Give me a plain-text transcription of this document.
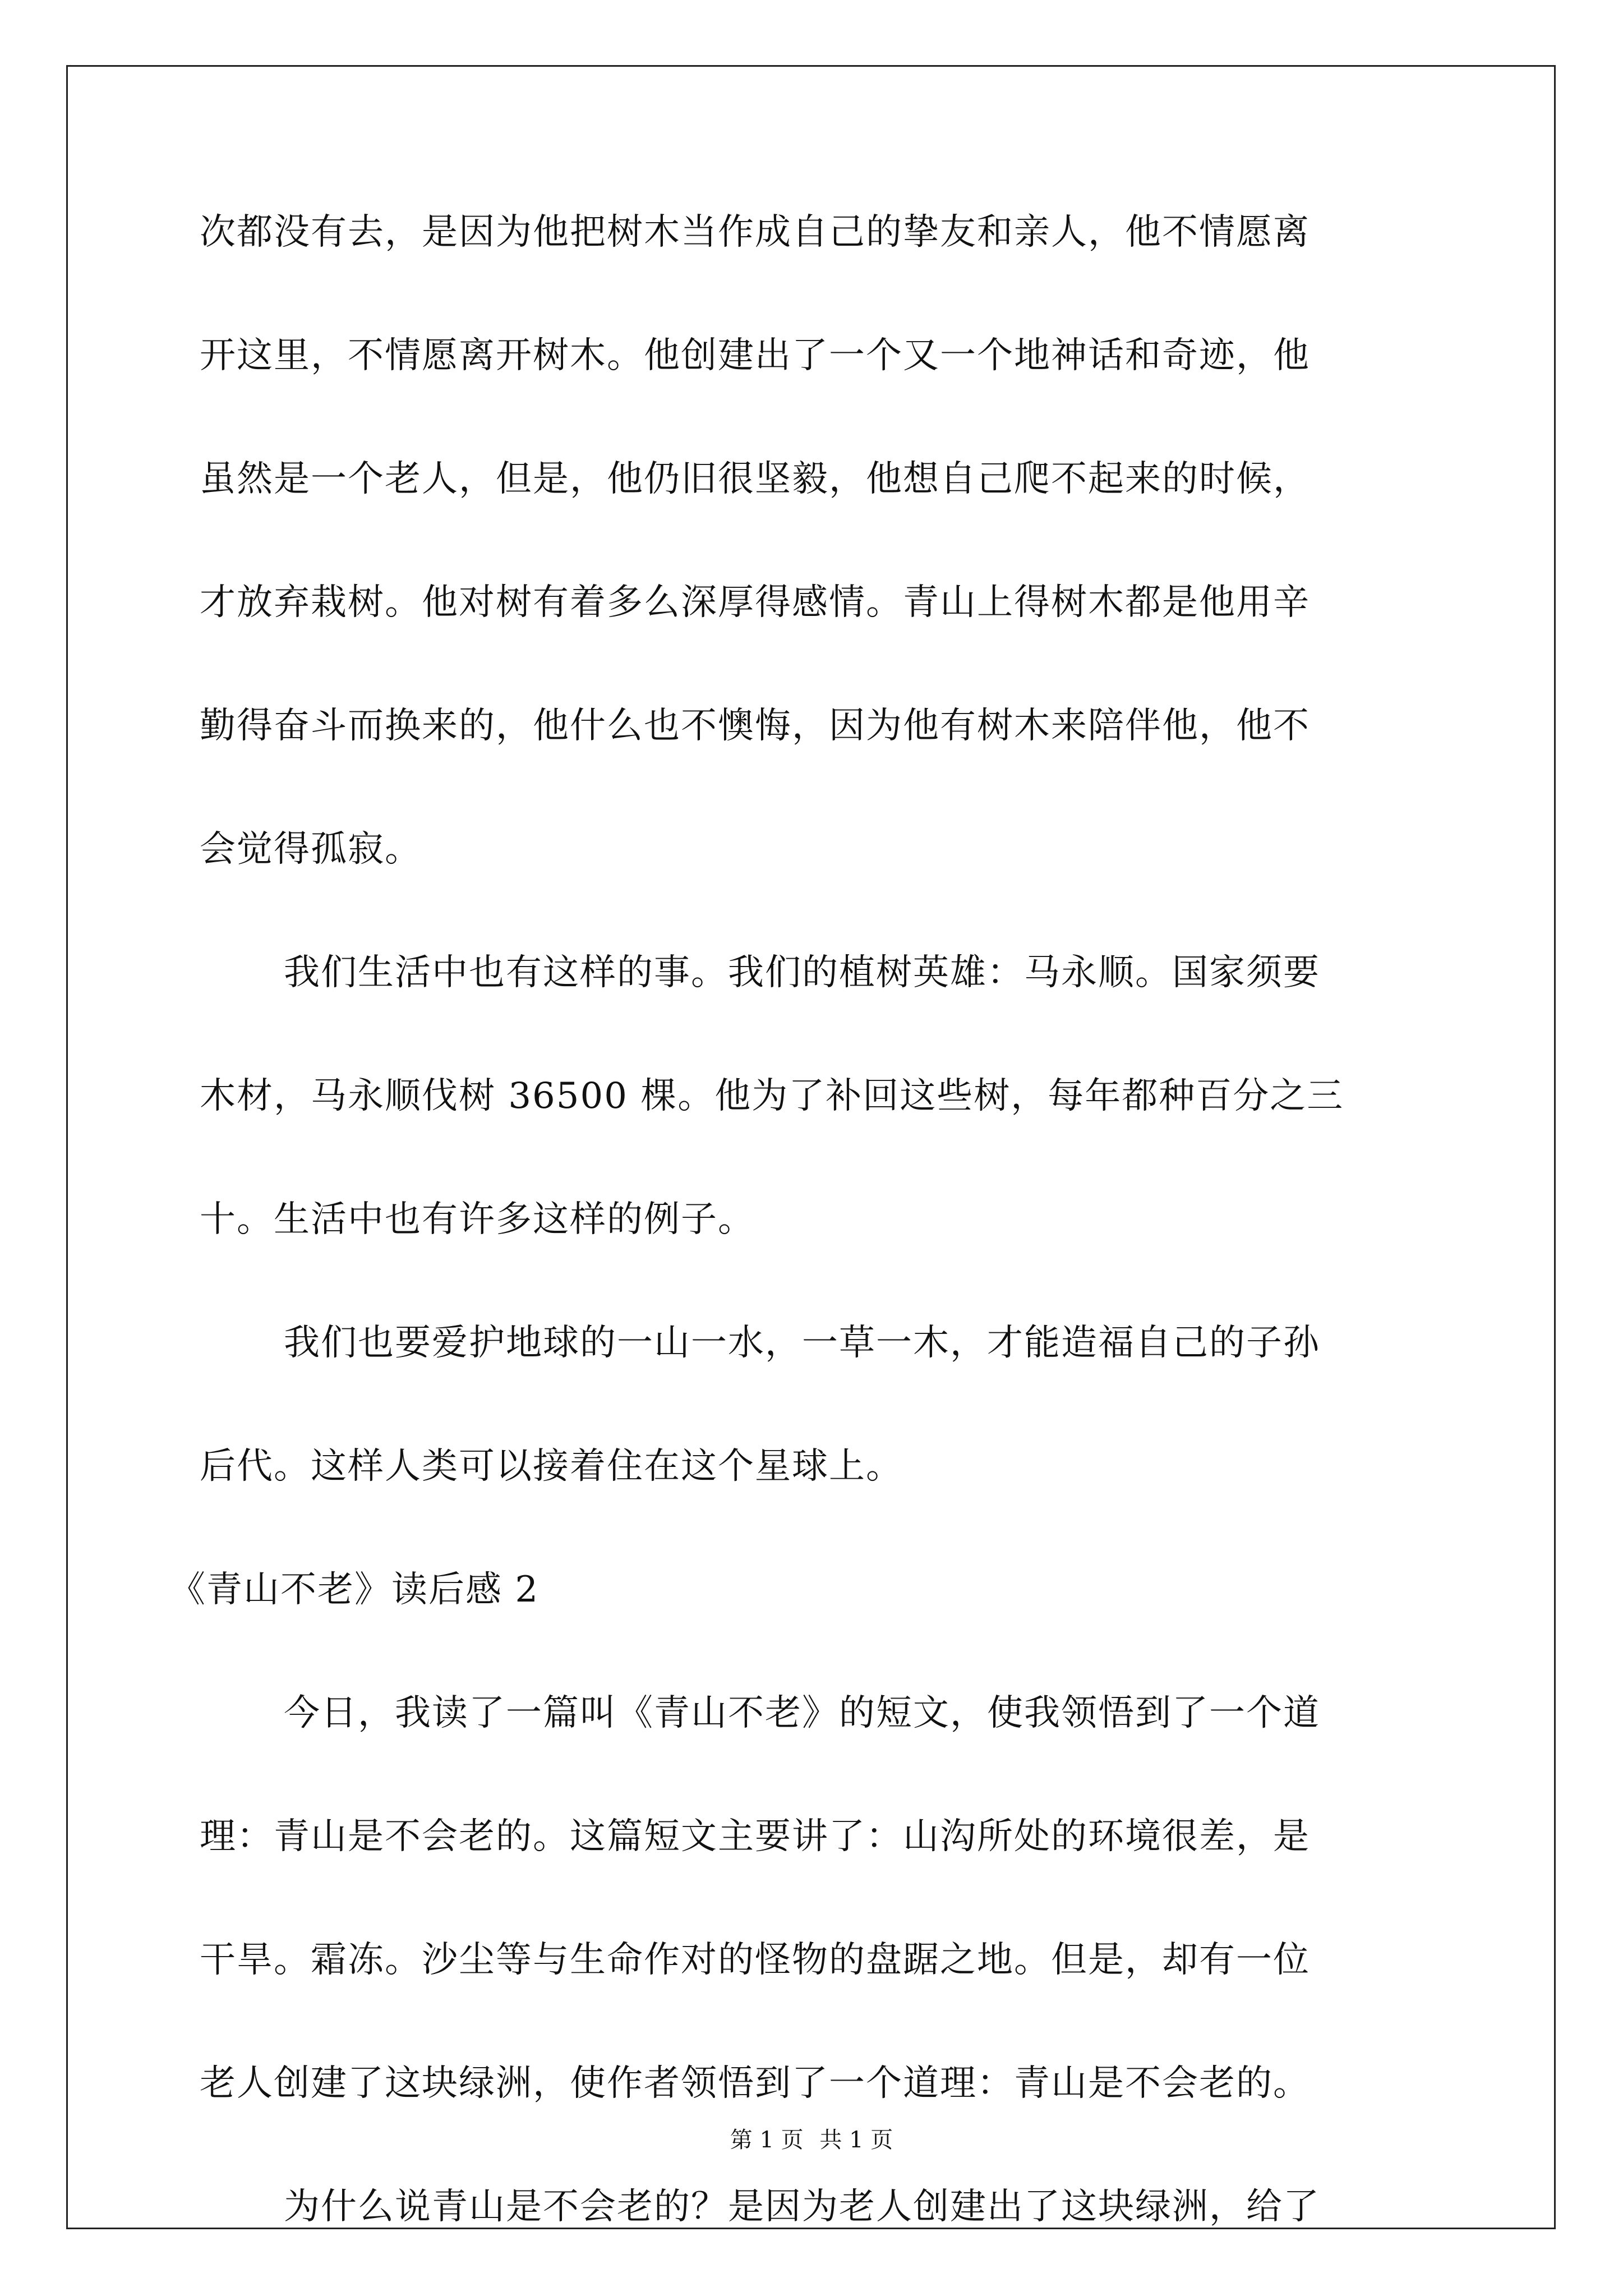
次都没有去，是因为他把树木当作成自己的挚友和亲人，他不情愿离
开这里，不情愿离开树木。他创建出了一个又一个地神话和奇迹，他
虽然是一个老人，但是，他仍旧很坚毅，他想自己爬不起来的时候，
才放弃栽树。他对树有着多么深厚得感情。青山上得树木都是他用辛
勤得奋斗而换来的，他什么也不懊悔，因为他有树木来陪伴他，他不
会觉得孤寂。
我们生活中也有这样的事。我们的植树英雄：马永顺。国家须要
木材，马永顺伐树 36500 棵。他为了补回这些树，每年都种百分之三
十。生活中也有许多这样的例子。
我们也要爱护地球的一山一水，一草一木，才能造福自己的子孙
后代。这样人类可以接着住在这个星球上。
《青山不老》读后感 2
今日，我读了一篇叫《青山不老》的短文，使我领悟到了一个道
理：青山是不会老的。这篇短文主要讲了：山沟所处的环境很差，是
干旱。霜冻。沙尘等与生命作对的怪物的盘踞之地。但是，却有一位
老人创建了这块绿洲，使作者领悟到了一个道理：青山是不会老的。
为什么说青山是不会老的？是因为老人创建出了这块绿洲，给了
第 1 页 共 1 页
